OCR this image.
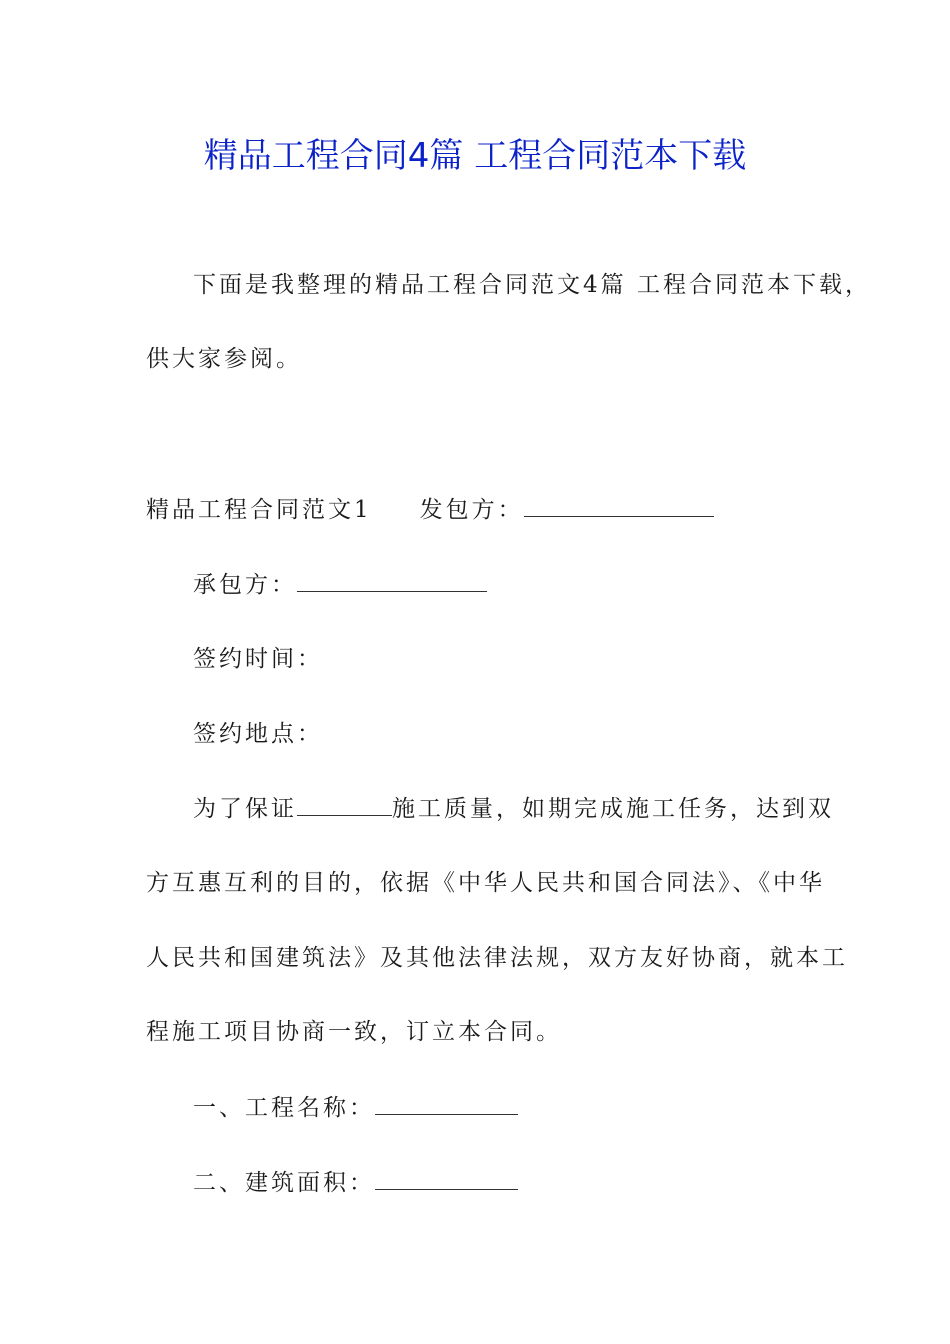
精品工程合同4篇 工程合同范本下载
下面是我整理的精品工程合同范文4篇 工程合同范本下载，
供大家参阅。
精品工程合同范文1 发包方：
承包方：
签约时间：
签约地点：
为了保证	施工质量，如期完成施工任务，达到双
方互惠互利的目的，依据《中华人民共和国合同法》、《中华
人民共和国建筑法》及其他法律法规，双方友好协商，就本工
程施工项目协商一致，订立本合同。
一、工程名称：
二、建筑面积：
